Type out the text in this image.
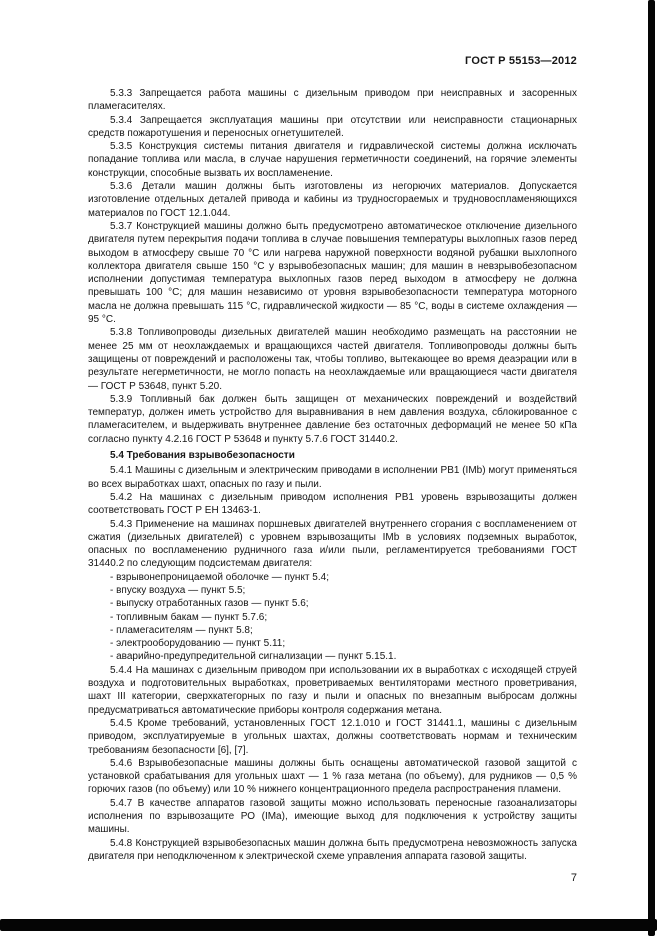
ГОСТ Р 55153—2012

5.3.3 Запрещается работа машины с дизельным приводом при неисправных и засоренных пламегасителях.

5.3.4 Запрещается эксплуатация машины при отсутствии или неисправности стационарных средств пожаротушения и переносных огнетушителей.

5.3.5 Конструкция системы питания двигателя и гидравлической системы должна исключать попадание топлива или масла, в случае нарушения герметичности соединений, на горячие элементы конструкции, способные вызвать их воспламенение.

5.3.6 Детали машин должны быть изготовлены из негорючих материалов. Допускается изготовление отдельных деталей привода и кабины из трудносгораемых и трудновоспламеняющихся материалов по ГОСТ 12.1.044.

5.3.7 Конструкцией машины должно быть предусмотрено автоматическое отключение дизельного двигателя путем перекрытия подачи топлива в случае повышения температуры выхлопных газов перед выходом в атмосферу свыше 70 °С или нагрева наружной поверхности водяной рубашки выхлопного коллектора двигателя свыше 150 °С у взрывобезопасных машин; для машин в невзрывобезопасном исполнении допустимая температура выхлопных газов перед выходом в атмосферу не должна превышать 100 °С; для машин независимо от уровня взрывобезопасности температура моторного масла не должна превышать 115 °С, гидравлической жидкости — 85 °С, воды в системе охлаждения — 95 °С.

5.3.8 Топливопроводы дизельных двигателей машин необходимо размещать на расстоянии не менее 25 мм от неохлаждаемых и вращающихся частей двигателя. Топливопроводы должны быть защищены от повреждений и расположены так, чтобы топливо, вытекающее во время деаэрации или в результате негерметичности, не могло попасть на неохлаждаемые или вращающиеся части двигателя — ГОСТ Р 53648, пункт 5.20.

5.3.9 Топливный бак должен быть защищен от механических повреждений и воздействий температур, должен иметь устройство для выравнивания в нем давления воздуха, сблокированное с пламегасителем, и выдерживать внутреннее давление без остаточных деформаций не менее 50 кПа согласно пункту 4.2.16 ГОСТ Р 53648 и пункту 5.7.6 ГОСТ 31440.2.

5.4 Требования взрывобезопасности

5.4.1 Машины с дизельным и электрическим приводами в исполнении РВ1 (IMb) могут применяться во всех выработках шахт, опасных по газу и пыли.

5.4.2 На машинах с дизельным приводом исполнения РВ1 уровень взрывозащиты должен соответствовать ГОСТ Р ЕН 13463-1.

5.4.3 Применение на машинах поршневых двигателей внутреннего сгорания с воспламенением от сжатия (дизельных двигателей) с уровнем взрывозащиты IMb в условиях подземных выработок, опасных по воспламенению рудничного газа и/или пыли, регламентируется требованиями ГОСТ 31440.2 по следующим подсистемам двигателя:

- взрывонепроницаемой оболочке — пункт 5.4;

- впуску воздуха — пункт 5.5;

- выпуску отработанных газов — пункт 5.6;

- топливным бакам — пункт 5.7.6;

- пламегасителям — пункт 5.8;

- электрооборудованию — пункт 5.11;

- аварийно-предупредительной сигнализации — пункт 5.15.1.

5.4.4 На машинах с дизельным приводом при использовании их в выработках с исходящей струей воздуха и подготовительных выработках, проветриваемых вентиляторами местного проветривания, шахт III категории, сверхкатегорных по газу и пыли и опасных по внезапным выбросам должны предусматриваться автоматические приборы контроля содержания метана.

5.4.5 Кроме требований, установленных ГОСТ 12.1.010 и ГОСТ 31441.1, машины с дизельным приводом, эксплуатируемые в угольных шахтах, должны соответствовать нормам и техническим требованиям безопасности [6], [7].

5.4.6 Взрывобезопасные машины должны быть оснащены автоматической газовой защитой с установкой срабатывания для угольных шахт — 1 % газа метана (по объему), для рудников — 0,5 % горючих газов (по объему) или 10 % нижнего концентрационного предела распространения пламени.

5.4.7 В качестве аппаратов газовой защиты можно использовать переносные газоанализаторы исполнения по взрывозащите РО (IMa), имеющие выход для подключения к устройству защиты машины.

5.4.8 Конструкцией взрывобезопасных машин должна быть предусмотрена невозможность запуска двигателя при неподключенном к электрической схеме управления аппарата газовой защиты.

7
